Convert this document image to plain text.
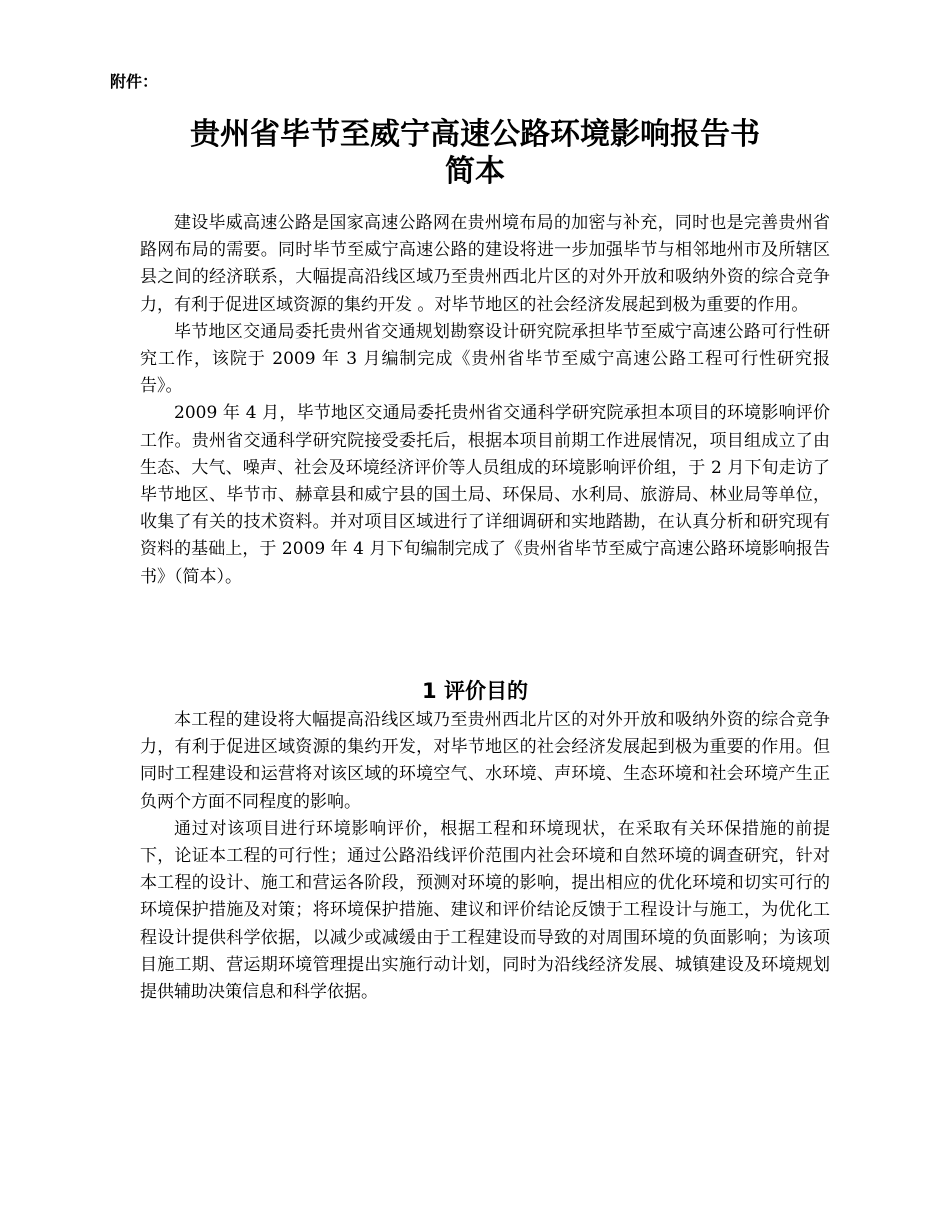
附件：
贵州省毕节至威宁高速公路环境影响报告书
简本

建设毕威高速公路是国家高速公路网在贵州境布局的加密与补充，同时也是完善贵州省路网布局的需要。同时毕节至威宁高速公路的建设将进一步加强毕节与相邻地州市及所辖区县之间的经济联系，大幅提高沿线区域乃至贵州西北片区的对外开放和吸纳外资的综合竞争力，有利于促进区域资源的集约开发 。对毕节地区的社会经济发展起到极为重要的作用。

毕节地区交通局委托贵州省交通规划勘察设计研究院承担毕节至威宁高速公路可行性研究工作，该院于 2009 年 3 月编制完成《贵州省毕节至威宁高速公路工程可行性研究报告》。

2009 年 4 月，毕节地区交通局委托贵州省交通科学研究院承担本项目的环境影响评价工作。贵州省交通科学研究院接受委托后，根据本项目前期工作进展情况，项目组成立了由生态、大气、噪声、社会及环境经济评价等人员组成的环境影响评价组，于 2 月下旬走访了毕节地区、毕节市、赫章县和威宁县的国土局、环保局、水利局、旅游局、林业局等单位，收集了有关的技术资料。并对项目区域进行了详细调研和实地踏勘，在认真分析和研究现有资料的基础上，于 2009 年 4 月下旬编制完成了《贵州省毕节至威宁高速公路环境影响报告书》（简本）。

1 评价目的

本工程的建设将大幅提高沿线区域乃至贵州西北片区的对外开放和吸纳外资的综合竞争力，有利于促进区域资源的集约开发，对毕节地区的社会经济发展起到极为重要的作用。但同时工程建设和运营将对该区域的环境空气、水环境、声环境、生态环境和社会环境产生正负两个方面不同程度的影响。

通过对该项目进行环境影响评价，根据工程和环境现状，在采取有关环保措施的前提下，论证本工程的可行性；通过公路沿线评价范围内社会环境和自然环境的调查研究，针对本工程的设计、施工和营运各阶段，预测对环境的影响，提出相应的优化环境和切实可行的环境保护措施及对策；将环境保护措施、建议和评价结论反馈于工程设计与施工，为优化工程设计提供科学依据，以减少或减缓由于工程建设而导致的对周围环境的负面影响；为该项目施工期、营运期环境管理提出实施行动计划，同时为沿线经济发展、城镇建设及环境规划提供辅助决策信息和科学依据。
